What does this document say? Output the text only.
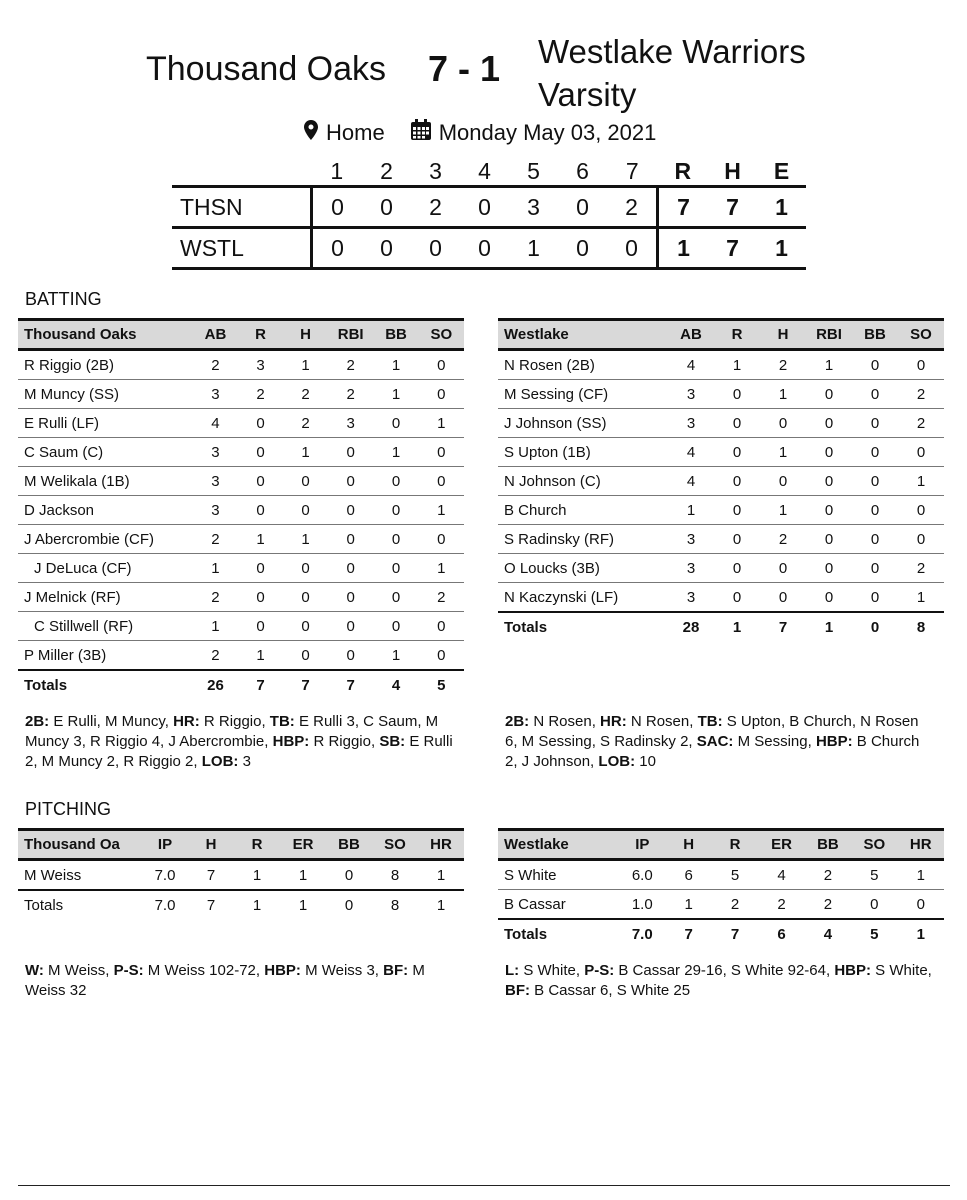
Thousand Oaks 7 - 1 Westlake Warriors
Varsity
Home Monday May 03, 2021
	1	2	3	4	5	6	7	R	H	E
THSN	0	0	2	0	3	0	2	7	7	1
WSTL	0	0	0	0	1	0	0	1	7	1
BATTING
Thousand Oaks	AB	R	H	RBI	BB	SO
R Riggio (2B)	2	3	1	2	1	0
M Muncy (SS)	3	2	2	2	1	0
E Rulli (LF)	4	0	2	3	0	1
C Saum (C)	3	0	1	0	1	0
M Welikala (1B)	3	0	0	0	0	0
D Jackson	3	0	0	0	0	1
J Abercrombie (CF)	2	1	1	0	0	0
J DeLuca (CF)	1	0	0	0	0	1
J Melnick (RF)	2	0	0	0	0	2
C Stillwell (RF)	1	0	0	0	0	0
P Miller (3B)	2	1	0	0	1	0
Totals	26	7	7	7	4	5
Westlake	AB	R	H	RBI	BB	SO
N Rosen (2B)	4	1	2	1	0	0
M Sessing (CF)	3	0	1	0	0	2
J Johnson (SS)	3	0	0	0	0	2
S Upton (1B)	4	0	1	0	0	0
N Johnson (C)	4	0	0	0	0	1
B Church	1	0	1	0	0	0
S Radinsky (RF)	3	0	2	0	0	0
O Loucks (3B)	3	0	0	0	0	2
N Kaczynski (LF)	3	0	0	0	0	1
Totals	28	1	7	1	0	8
2B: E Rulli, M Muncy, HR: R Riggio, TB: E Rulli 3, C Saum, M Muncy 3, R Riggio 4, J Abercrombie, HBP: R Riggio, SB: E Rulli 2, M Muncy 2, R Riggio 2, LOB: 3
2B: N Rosen, HR: N Rosen, TB: S Upton, B Church, N Rosen 6, M Sessing, S Radinsky 2, SAC: M Sessing, HBP: B Church 2, J Johnson, LOB: 10
PITCHING
Thousand Oa	IP	H	R	ER	BB	SO	HR
M Weiss	7.0	7	1	1	0	8	1
Totals	7.0	7	1	1	0	8	1
Westlake	IP	H	R	ER	BB	SO	HR
S White	6.0	6	5	4	2	5	1
B Cassar	1.0	1	2	2	2	0	0
Totals	7.0	7	7	6	4	5	1
W: M Weiss, P-S: M Weiss 102-72, HBP: M Weiss 3, BF: M Weiss 32
L: S White, P-S: B Cassar 29-16, S White 92-64, HBP: S White, BF: B Cassar 6, S White 25
